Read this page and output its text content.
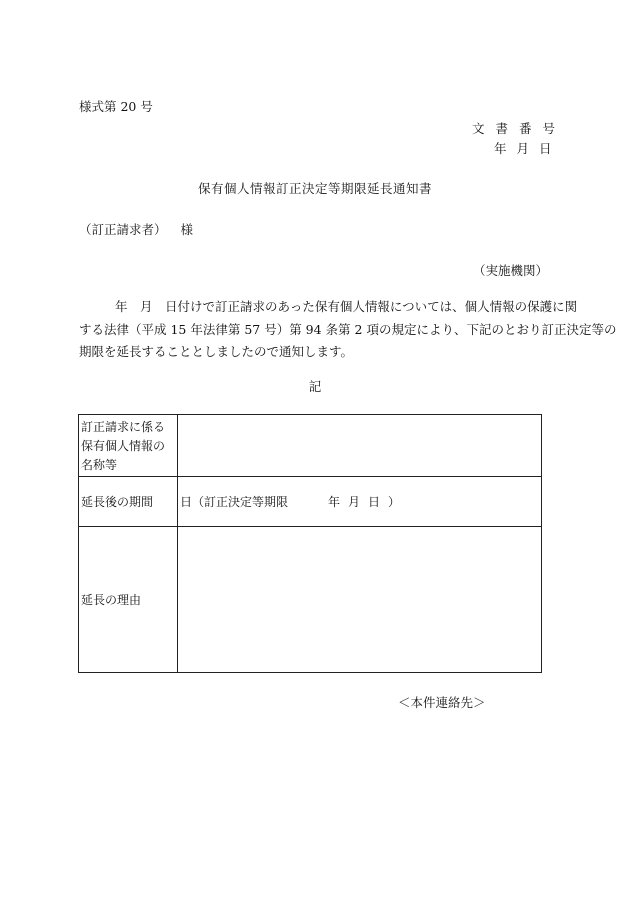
様式第 20 号
文書番号
年月日
保有個人情報訂正決定等期限延長通知書
（訂正請求者） 様
（実施機関）

年　月　日付けで訂正請求のあった保有個人情報については、個人情報の保護に関

する法律（平成 15 年法律第 57 号）第 94 条第 2 項の規定により、下記のとおり訂正決定等の

期限を延長することとしましたので通知します。

記
訂正請求に係る保有個人情報の名称等	
延長後の期間	日（訂正決定等期限 年月日）
延長の理由	
＜本件連絡先＞
